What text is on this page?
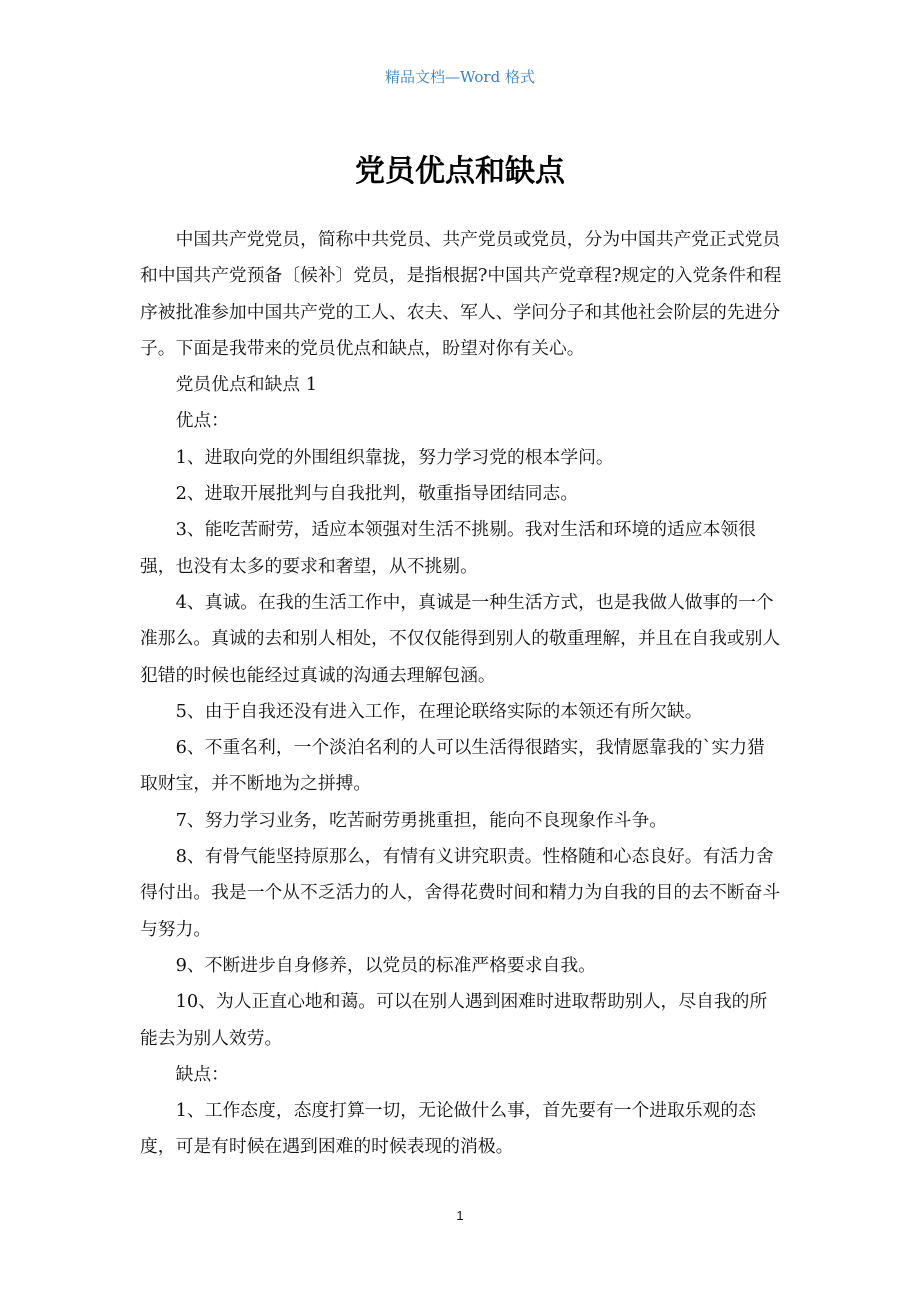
精品文档—Word 格式
党员优点和缺点

中国共产党党员，简称中共党员、共产党员或党员，分为中国共产党正式党员和中国共产党预备〔候补〕党员，是指根据?中国共产党章程?规定的入党条件和程序被批准参加中国共产党的工人、农夫、军人、学问分子和其他社会阶层的先进分子。下面是我带来的党员优点和缺点，盼望对你有关心。

党员优点和缺点 1

优点：

1、进取向党的外围组织靠拢，努力学习党的根本学问。

2、进取开展批判与自我批判，敬重指导团结同志。

3、能吃苦耐劳，适应本领强对生活不挑剔。我对生活和环境的适应本领很强，也没有太多的要求和奢望，从不挑剔。

4、真诚。在我的生活工作中，真诚是一种生活方式，也是我做人做事的一个准那么。真诚的去和别人相处，不仅仅能得到别人的敬重理解，并且在自我或别人犯错的时候也能经过真诚的沟通去理解包涵。

5、由于自我还没有进入工作，在理论联络实际的本领还有所欠缺。

6、不重名利，一个淡泊名利的人可以生活得很踏实，我情愿靠我的`实力猎取财宝，并不断地为之拼搏。

7、努力学习业务，吃苦耐劳勇挑重担，能向不良现象作斗争。

8、有骨气能坚持原那么，有情有义讲究职责。性格随和心态良好。有活力舍得付出。我是一个从不乏活力的人，舍得花费时间和精力为自我的目的去不断奋斗与努力。

9、不断进步自身修养，以党员的标准严格要求自我。

10、为人正直心地和蔼。可以在别人遇到困难时进取帮助别人，尽自我的所能去为别人效劳。

缺点：

1、工作态度，态度打算一切，无论做什么事，首先要有一个进取乐观的态度，可是有时候在遇到困难的时候表现的消极。

1
